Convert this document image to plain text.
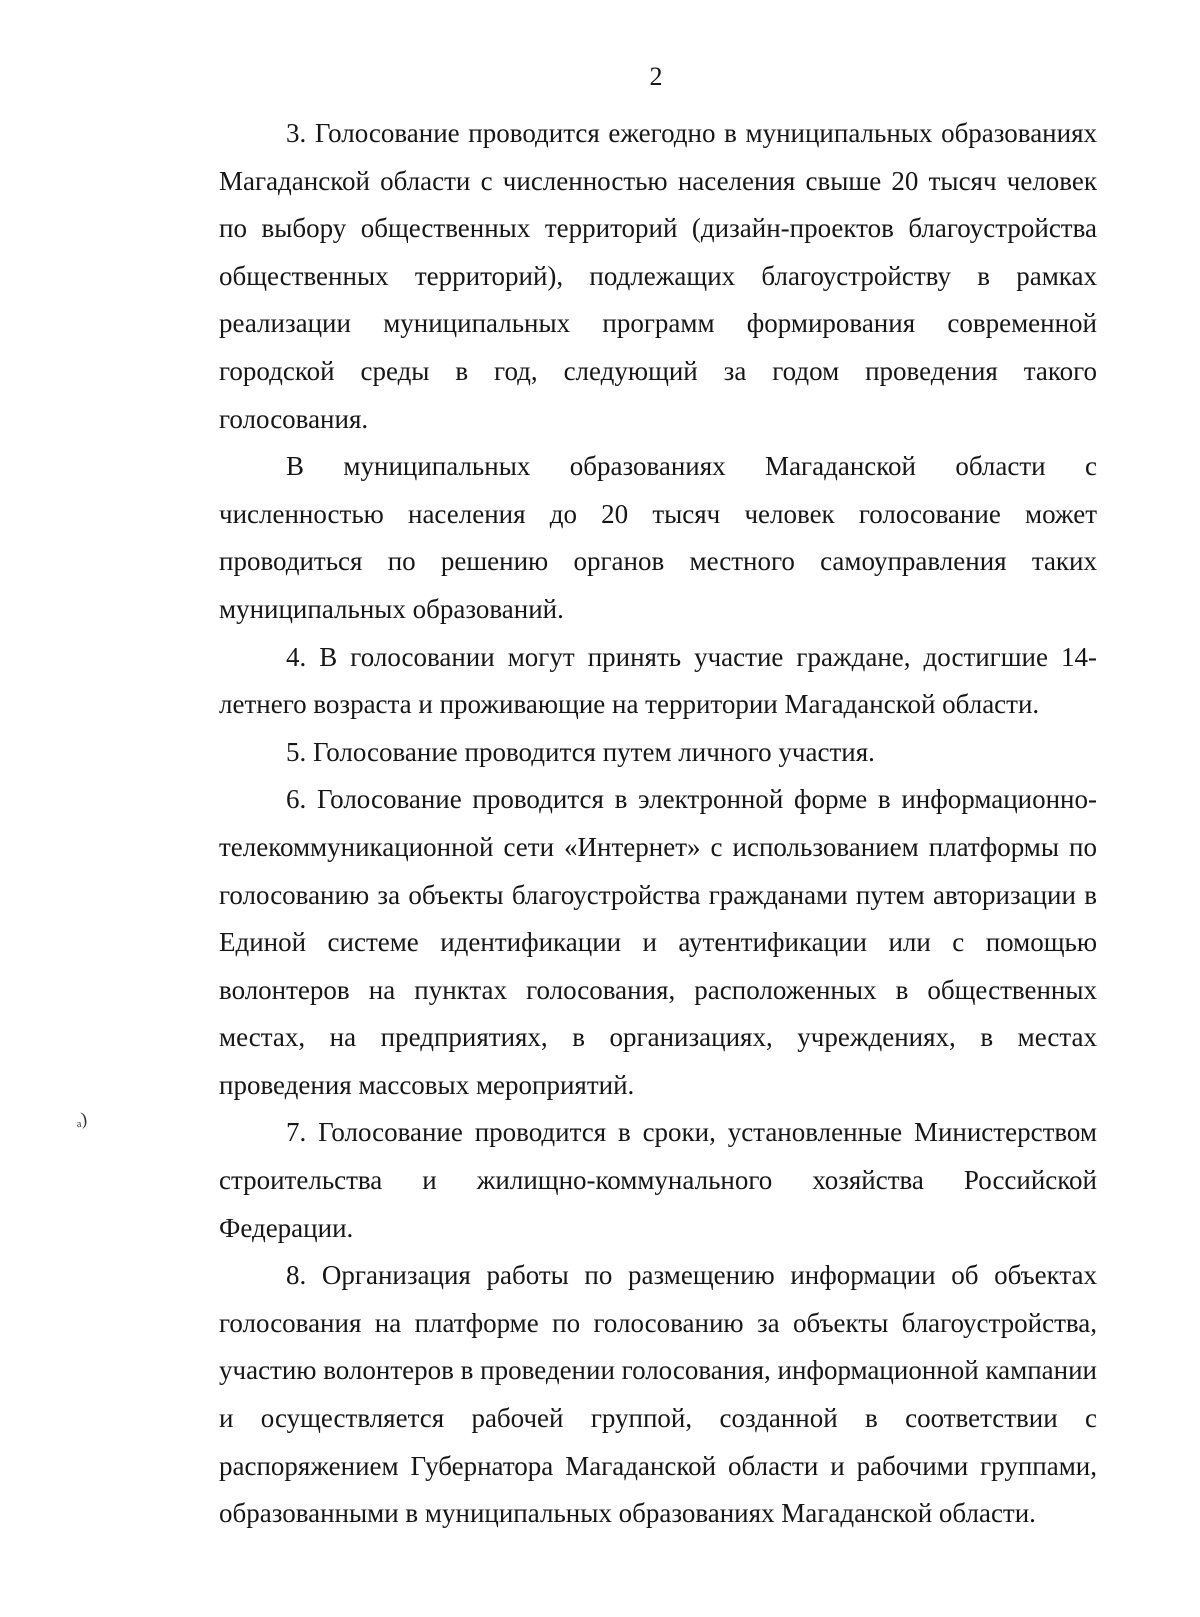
2

3. Голосование проводится ежегодно в муниципальных образованиях Магаданской области с численностью населения свыше 20 тысяч человек по выбору общественных территорий (дизайн-проектов благоустройства общественных территорий), подлежащих благоустройству в рамках реализации муниципальных программ формирования современной городской среды в год, следующий за годом проведения такого голосования.

В муниципальных образованиях Магаданской области с численностью населения до 20 тысяч человек голосование может проводиться по решению органов местного самоуправления таких муниципальных образований.

4. В голосовании могут принять участие граждане, достигшие 14-летнего возраста и проживающие на территории Магаданской области.

5. Голосование проводится путем личного участия.

6. Голосование проводится в электронной форме в информационно-телекоммуникационной сети «Интернет» с использованием платформы по голосованию за объекты благоустройства гражданами путем авторизации в Единой системе идентификации и аутентификации или с помощью волонтеров на пунктах голосования, расположенных в общественных местах, на предприятиях, в организациях, учреждениях, в местах проведения массовых мероприятий.

7. Голосование проводится в сроки, установленные Министерством строительства и жилищно-коммунального хозяйства Российской Федерации.

8. Организация работы по размещению информации об объектах голосования на платформе по голосованию за объекты благоустройства, участию волонтеров в проведении голосования, информационной кампании и осуществляется рабочей группой, созданной в соответствии с распоряжением Губернатора Магаданской области и рабочими группами, образованными в муниципальных образованиях Магаданской области.

ₐ)
